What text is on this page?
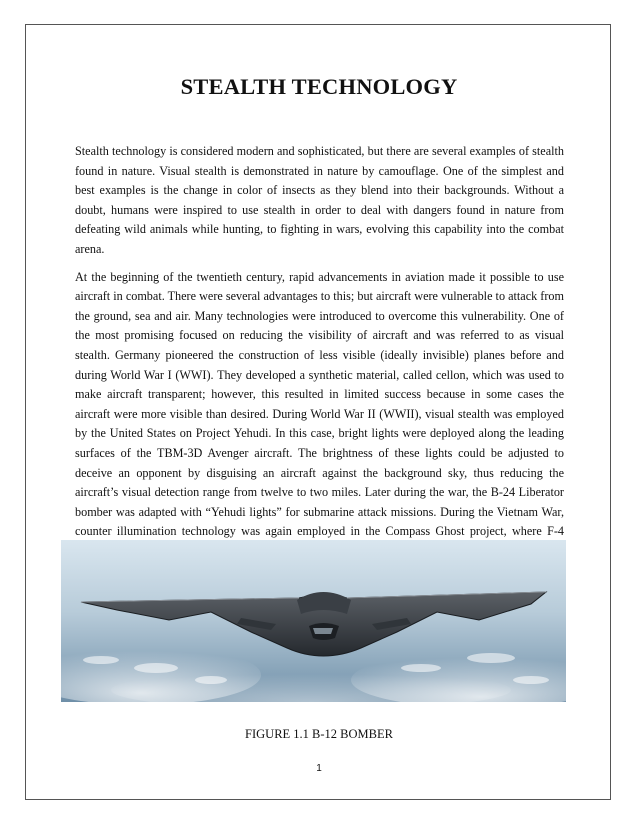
STEALTH TECHNOLOGY

Stealth technology is considered modern and sophisticated, but there are several examples of stealth found in nature. Visual stealth is demonstrated in nature by camouflage. One of the simplest and best examples is the change in color of insects as they blend into their backgrounds. Without a doubt, humans were inspired to use stealth in order to deal with dangers found in nature from defeating wild animals while hunting, to fighting in wars, evolving this capability into the combat arena.

At the beginning of the twentieth century, rapid advancements in aviation made it possible to use aircraft in combat. There were several advantages to this; but aircraft were vulnerable to attack from the ground, sea and air. Many technologies were introduced to overcome this vulnerability. One of the most promising focused on reducing the visibility of aircraft and was referred to as visual stealth. Germany pioneered the construction of less visible (ideally invisible) planes before and during World War I (WWI). They developed a synthetic material, called cellon, which was used to make aircraft transparent; however, this resulted in limited success because in some cases the aircraft were more visible than desired. During World War II (WWII), visual stealth was employed by the United States on Project Yehudi. In this case, bright lights were deployed along the leading surfaces of the TBM-3D Avenger aircraft. The brightness of these lights could be adjusted to deceive an opponent by disguising an aircraft against the background sky, thus reducing the aircraft’s visual detection range from twelve to two miles. Later during the war, the B-24 Liberator bomber was adapted with “Yehudi lights” for submarine attack missions. During the Vietnam War, counter illumination technology was again employed in the Compass Ghost project, where F-4

FIGURE 1.1 B-12 BOMBER

1
